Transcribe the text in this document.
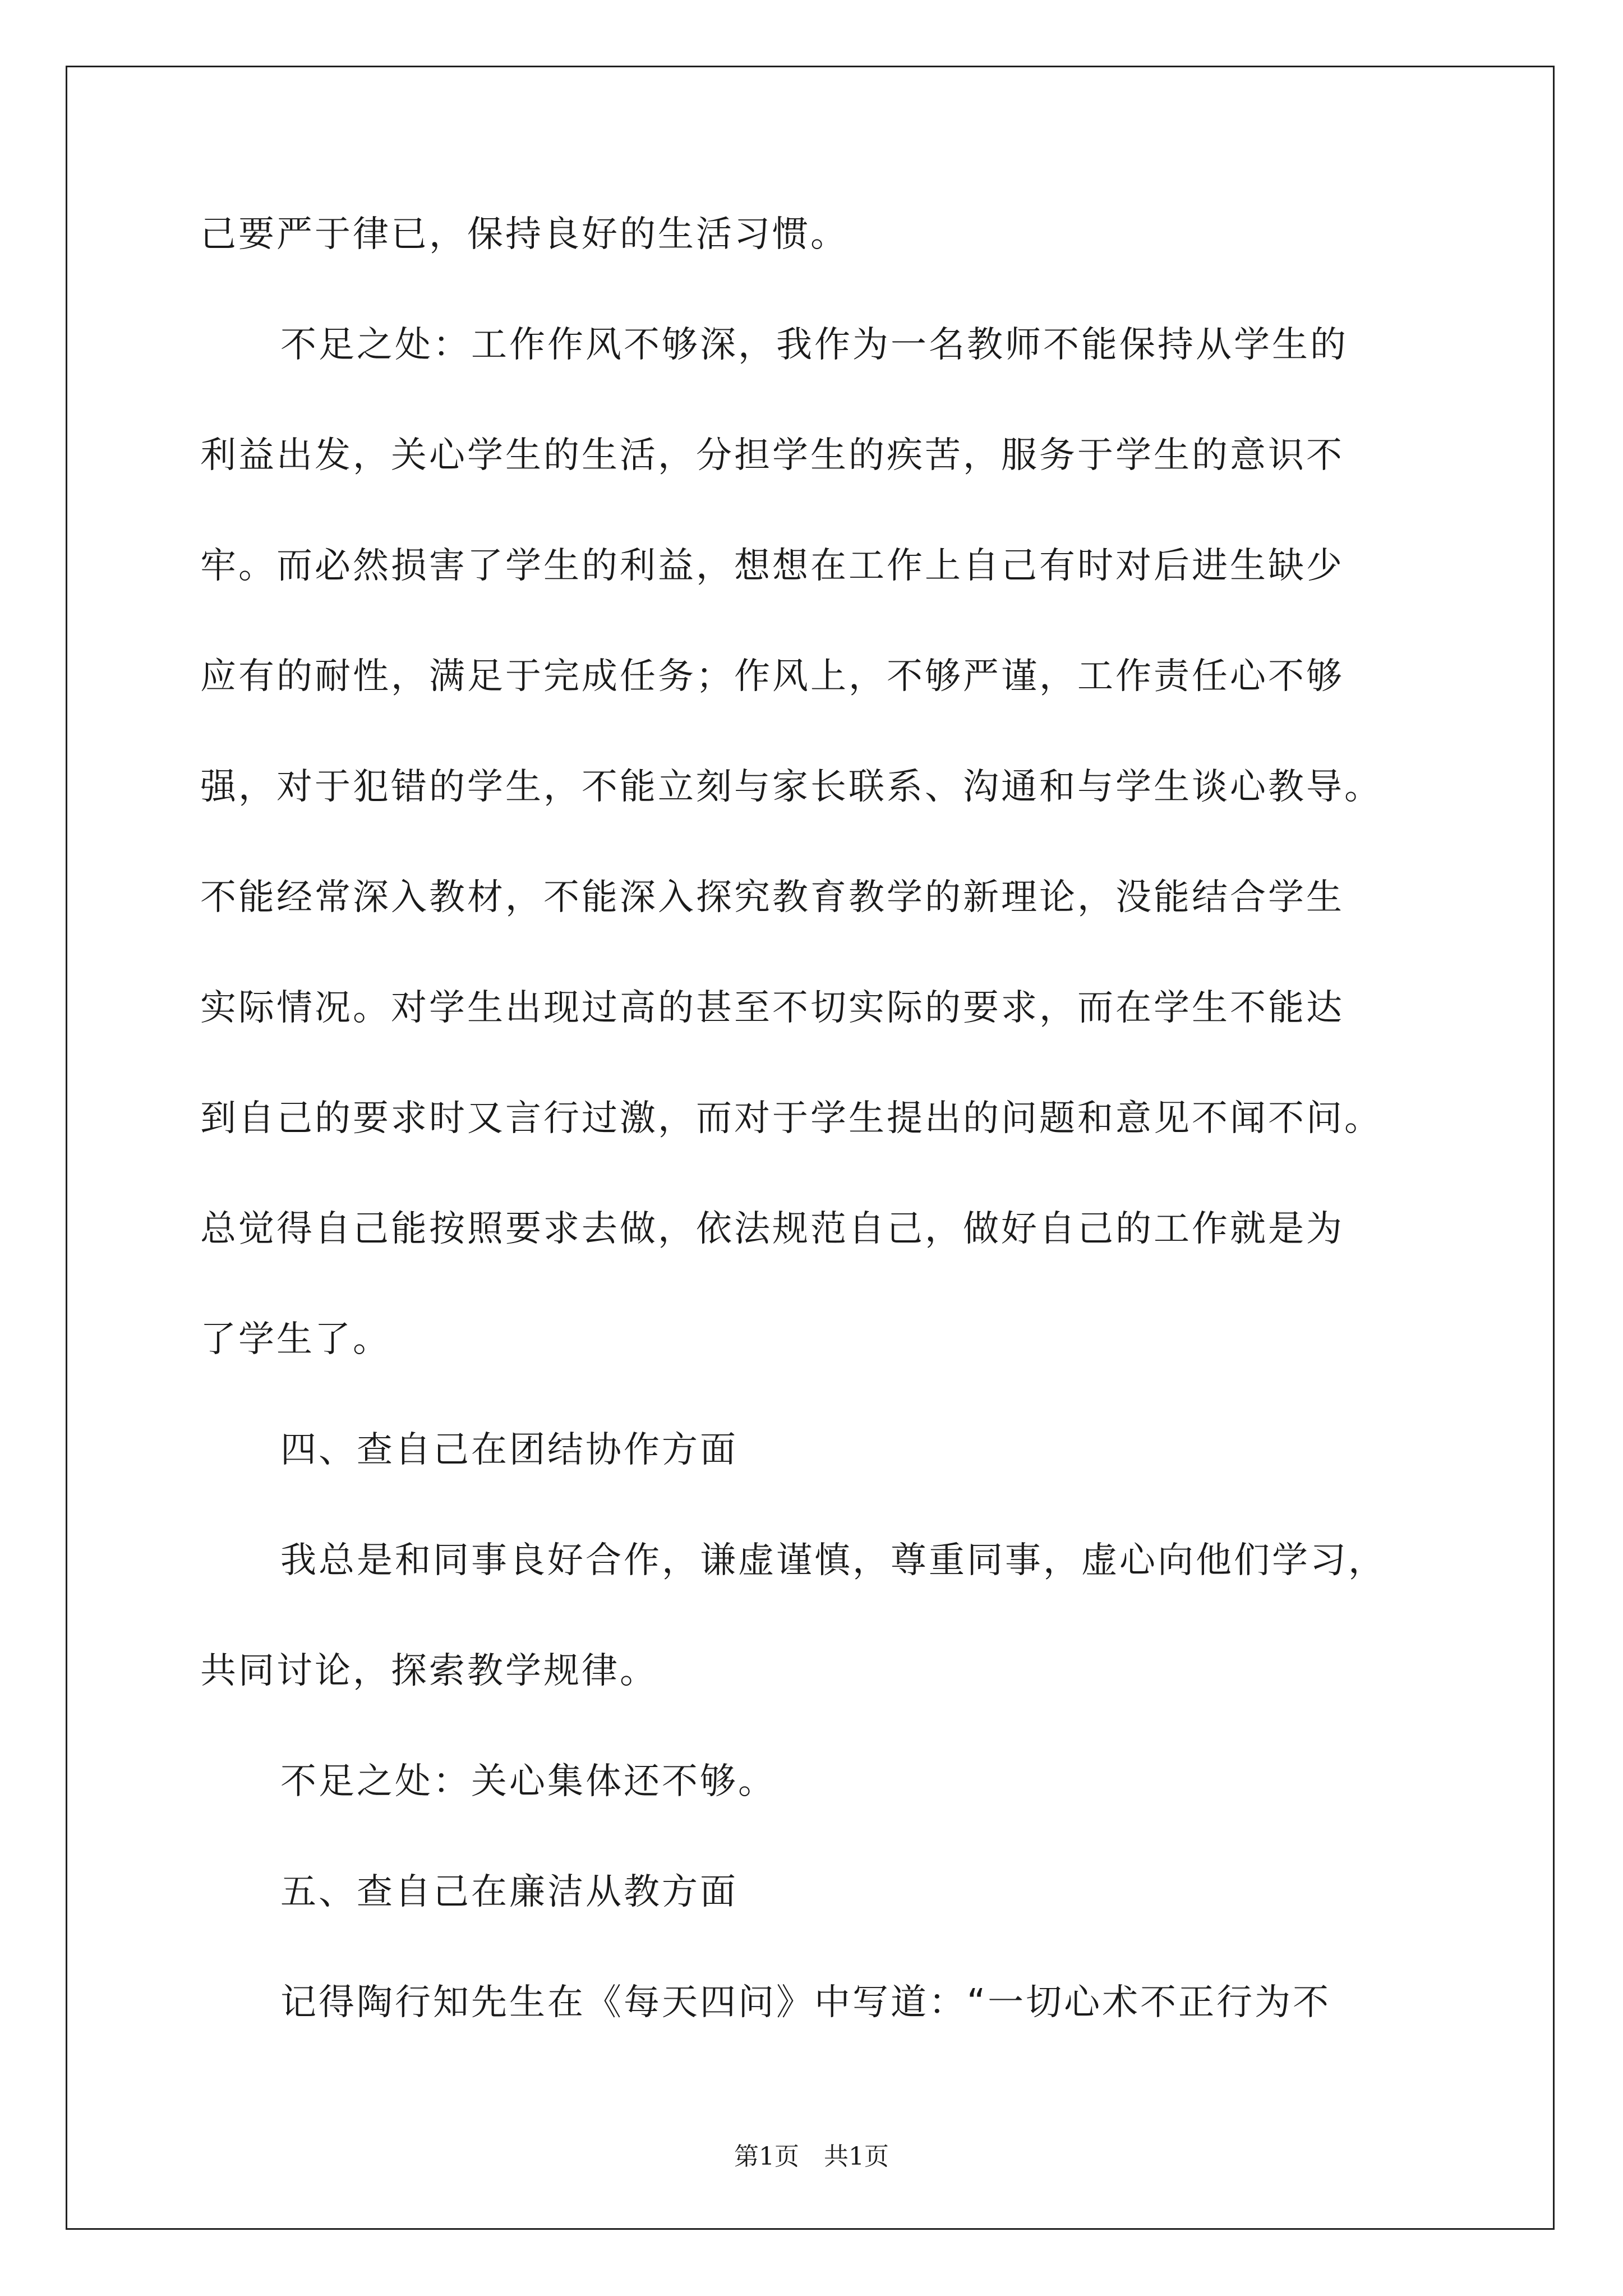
己要严于律已，保持良好的生活习惯。
不足之处：工作作风不够深，我作为一名教师不能保持从学生的
利益出发，关心学生的生活，分担学生的疾苦，服务于学生的意识不
牢。而必然损害了学生的利益，想想在工作上自己有时对后进生缺少
应有的耐性，满足于完成任务；作风上，不够严谨，工作责任心不够
强，对于犯错的学生，不能立刻与家长联系、沟通和与学生谈心教导。
不能经常深入教材，不能深入探究教育教学的新理论，没能结合学生
实际情况。对学生出现过高的甚至不切实际的要求，而在学生不能达
到自己的要求时又言行过激，而对于学生提出的问题和意见不闻不问。
总觉得自己能按照要求去做，依法规范自己，做好自己的工作就是为
了学生了。
四、查自己在团结协作方面
我总是和同事良好合作，谦虚谨慎，尊重同事，虚心向他们学习，
共同讨论，探索教学规律。
不足之处：关心集体还不够。
五、查自己在廉洁从教方面
记得陶行知先生在《每天四问》中写道：“一切心术不正行为不
第1页　共1页
